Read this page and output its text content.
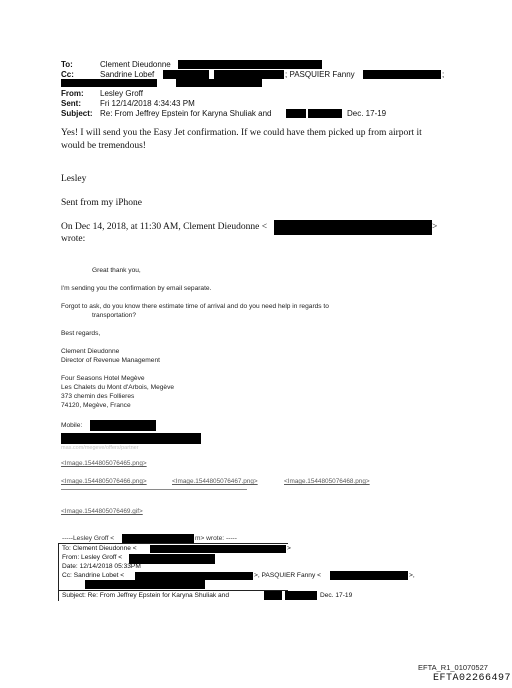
To:	Clement Dieudonne
Cc:	Sandrine Lobef	; PASQUIER Fanny	;
From: Lesley Groff
Sent: Fri 12/14/2018 4:34:43 PM
Subject: Re: From Jeffrey Epstein for Karyna Shuliak and	Dec. 17-19
Yes! I will send you the Easy Jet confirmation. If we could have them picked up from airport it
would be tremendous!
Lesley
Sent from my iPhone
On Dec 14, 2018, at 11:30 AM, Clement Dieudonne <	>
wrote:
Great thank you,
I'm sending you the confirmation by email separate.
Forgot to ask, do you know there estimate time of arrival and do you need help in regards to
transportation?
Best regards,
Clement Dieudonne
Director of Revenue Management
Four Seasons Hotel Megève
Les Chalets du Mont d'Arbois, Megève
373 chemin des Follieres
74120, Megève, France
Mobile:
mas.com/megeve/offers/partner
<Image.1544805076465.png>
<Image.1544805076466.png>	<Image.1544805076467.png>	<Image.1544805076468.png>
<Image.1544805076469.gif>
-----Lesley Groff <	m> wrote: -----
To: Clement Dieudonne <	>
From: Lesley Groff <
Date: 12/14/2018 05:33PM
Cc: Sandrine Lobet <	>, PASQUIER Fanny <	>,
Subject: Re: From Jeffrey Epstein for Karyna Shuliak and	Dec. 17-19
EFTA_R1_01070527
EFTA02266497
